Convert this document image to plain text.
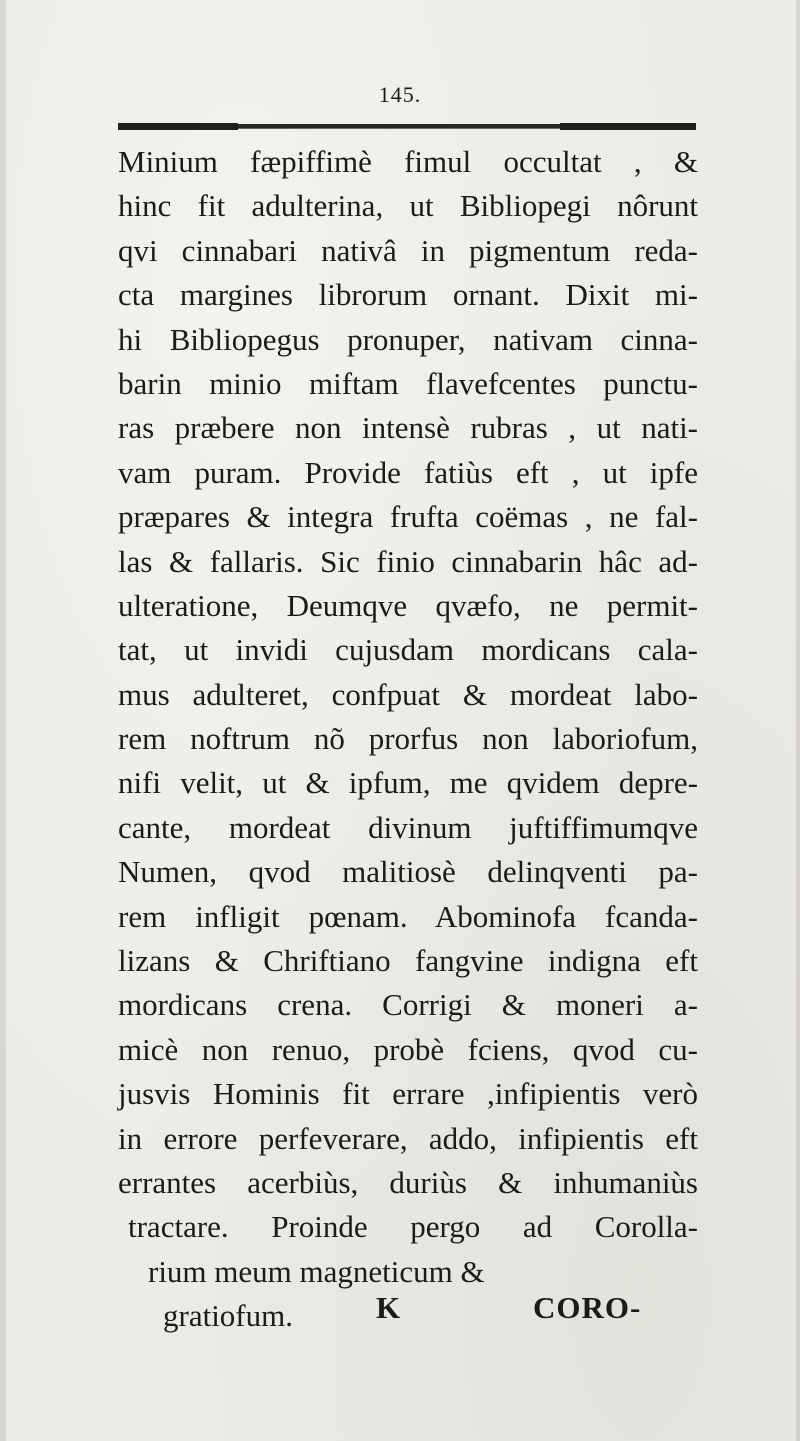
145.
Minium fæpiffimè fimul occultat , &
hinc fit adulterina, ut Bibliopegi nôrunt
qvi cinnabari nativâ in pigmentum reda-
cta margines librorum ornant. Dixit mi-
hi Bibliopegus pronuper, nativam cinna-
barin minio miftam flavefcentes punctu-
ras præbere non intensè rubras , ut nati-
vam puram. Provide fatiùs eft , ut ipfe
præpares & integra frufta coëmas , ne fal-
las & fallaris. Sic finio cinnabarin hâc ad-
ulteratione, Deumqve qvæfo, ne permit-
tat, ut invidi cujusdam mordicans cala-
mus adulteret, confpuat & mordeat labo-
rem noftrum nõ prorfus non laboriofum,
nifi velit, ut & ipfum, me qvidem depre-
cante, mordeat divinum juftiffimumqve
Numen, qvod malitiosè delinqventi pa-
rem infligit pœnam. Abominofa fcanda-
lizans & Chriftiano fangvine indigna eft
mordicans crena. Corrigi & moneri a-
micè non renuo, probè fciens, qvod cu-
jusvis Hominis fit errare ,infipientis verò
in errore perfeverare, addo, infipientis eft
errantes acerbiùs, duriùs & inhumaniùs
tractare. Proinde pergo ad Corolla-
rium meum magneticum &
gratiofum.	K	CORO-
